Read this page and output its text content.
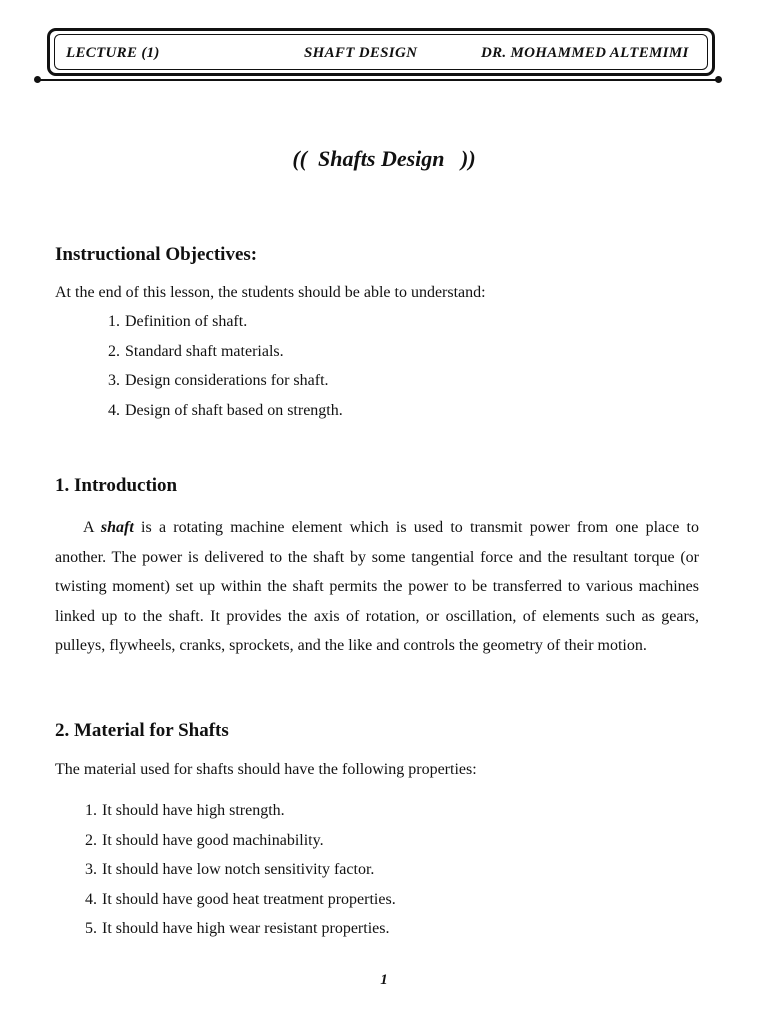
LECTURE (1)	SHAFT DESIGN	DR. MOHAMMED ALTEMIMI
((  Shafts Design   ))
Instructional Objectives:
At the end of this lesson, the students should be able to understand:
1. Definition of shaft.
2. Standard shaft materials.
3. Design considerations for shaft.
4. Design of shaft based on strength.
1. Introduction

A shaft is a rotating machine element which is used to transmit power from one place to another. The power is delivered to the shaft by some tangential force and the resultant torque (or twisting moment) set up within the shaft permits the power to be transferred to various machines linked up to the shaft. It provides the axis of rotation, or oscillation, of elements such as gears, pulleys, flywheels, cranks, sprockets, and the like and controls the geometry of their motion.

2. Material for Shafts
The material used for shafts should have the following properties:
1. It should have high strength.
2. It should have good machinability.
3. It should have low notch sensitivity factor.
4. It should have good heat treatment properties.
5. It should have high wear resistant properties.
1
